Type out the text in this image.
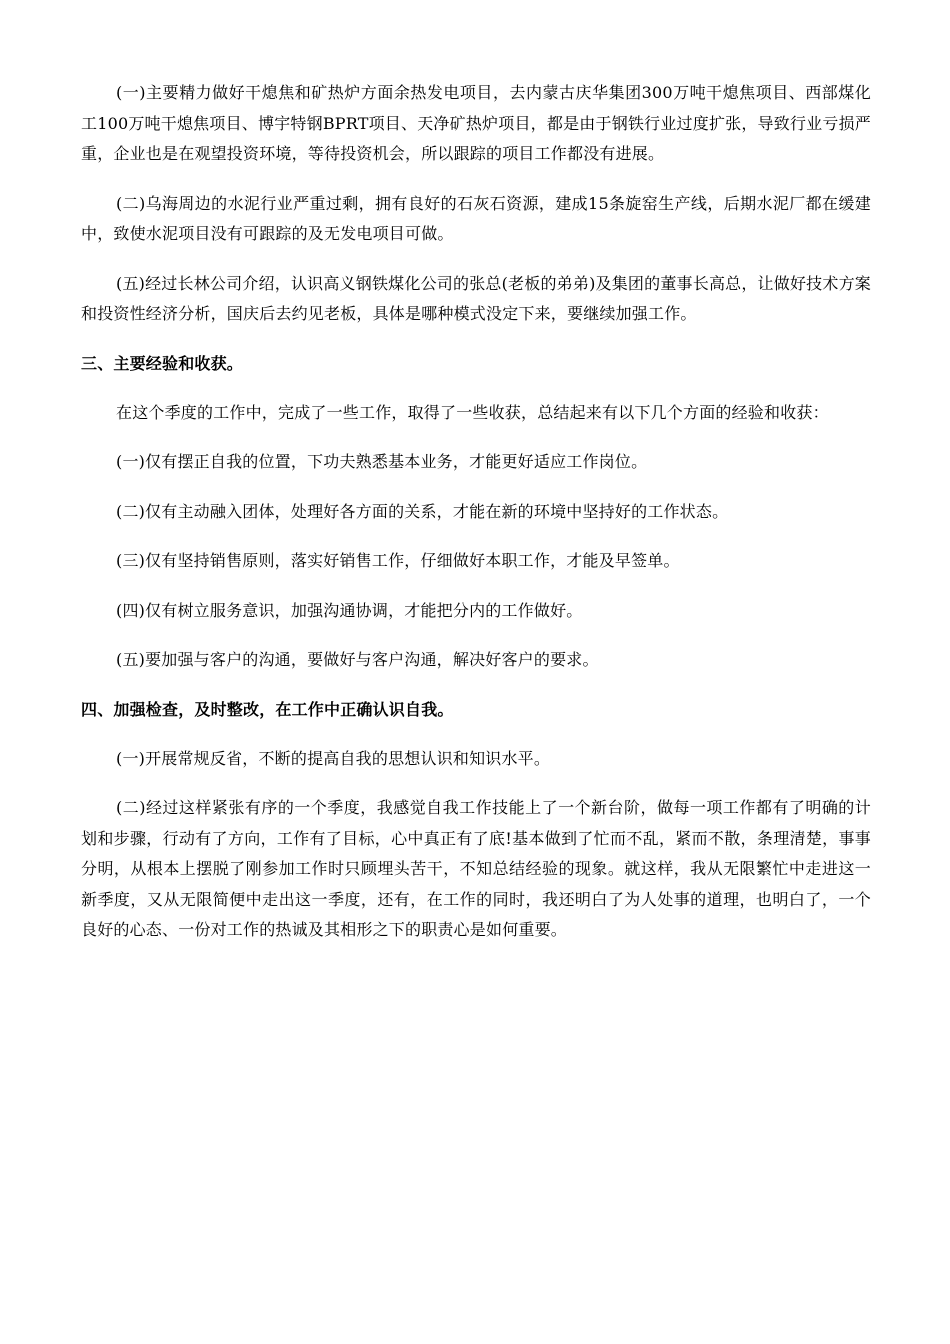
(一)主要精力做好干熄焦和矿热炉方面余热发电项目，去内蒙古庆华集团300万吨干熄焦项目、西部煤化工100万吨干熄焦项目、博宇特钢BPRT项目、天净矿热炉项目，都是由于钢铁行业过度扩张，导致行业亏损严重，企业也是在观望投资环境，等待投资机会，所以跟踪的项目工作都没有进展。

(二)乌海周边的水泥行业严重过剩，拥有良好的石灰石资源，建成15条旋窑生产线，后期水泥厂都在缓建中，致使水泥项目没有可跟踪的及无发电项目可做。

(五)经过长林公司介绍，认识高义钢铁煤化公司的张总(老板的弟弟)及集团的董事长高总，让做好技术方案和投资性经济分析，国庆后去约见老板，具体是哪种模式没定下来，要继续加强工作。

三、主要经验和收获。

在这个季度的工作中，完成了一些工作，取得了一些收获，总结起来有以下几个方面的经验和收获：

(一)仅有摆正自我的位置，下功夫熟悉基本业务，才能更好适应工作岗位。

(二)仅有主动融入团体，处理好各方面的关系，才能在新的环境中坚持好的工作状态。

(三)仅有坚持销售原则，落实好销售工作，仔细做好本职工作，才能及早签单。

(四)仅有树立服务意识，加强沟通协调，才能把分内的工作做好。

(五)要加强与客户的沟通，要做好与客户沟通，解决好客户的要求。

四、加强检查，及时整改，在工作中正确认识自我。

(一)开展常规反省，不断的提高自我的思想认识和知识水平。

(二)经过这样紧张有序的一个季度，我感觉自我工作技能上了一个新台阶，做每一项工作都有了明确的计划和步骤，行动有了方向，工作有了目标，心中真正有了底!基本做到了忙而不乱，紧而不散，条理清楚，事事分明，从根本上摆脱了刚参加工作时只顾埋头苦干，不知总结经验的现象。就这样，我从无限繁忙中走进这一新季度，又从无限简便中走出这一季度，还有，在工作的同时，我还明白了为人处事的道理，也明白了，一个良好的心态、一份对工作的热诚及其相形之下的职责心是如何重要。
